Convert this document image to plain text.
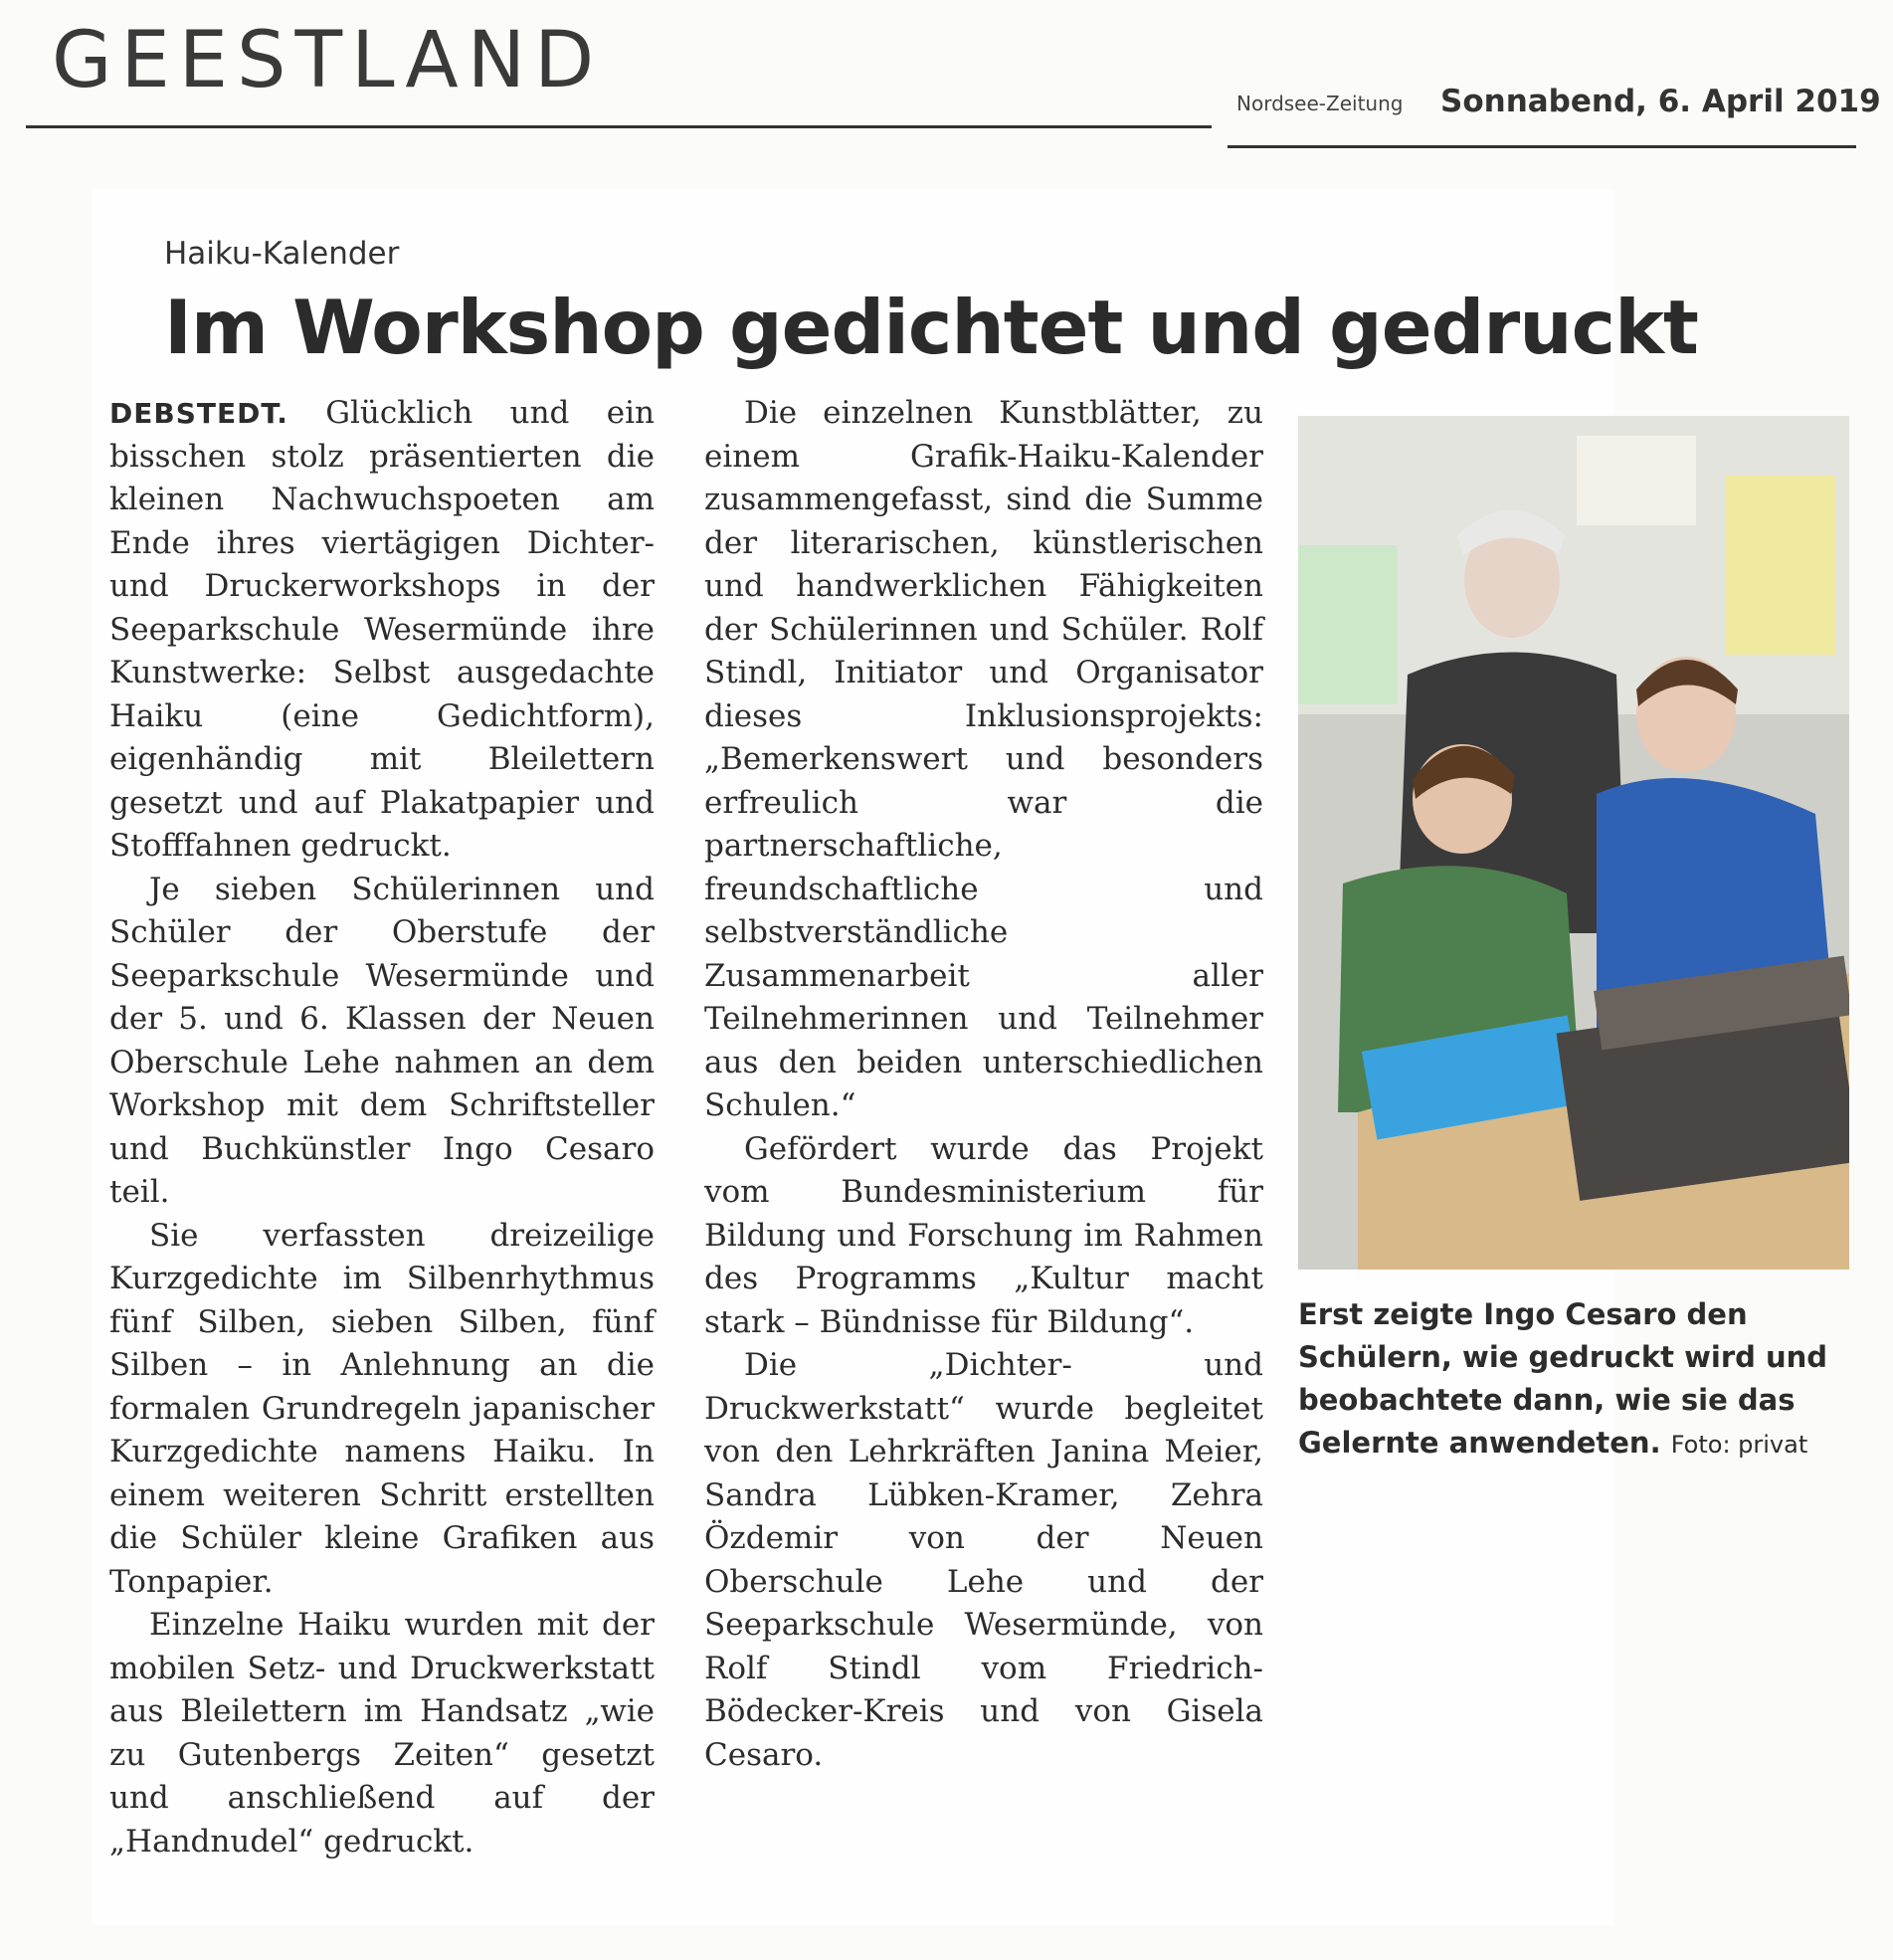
GEESTLAND	Nordsee-Zeitung Sonnabend, 6. April 2019
Haiku-Kalender
Im Workshop gedichtet und gedruckt

DEBSTEDT. Glücklich und ein bisschen stolz präsentierten die kleinen Nachwuchspoeten am Ende ihres viertägigen Dichter- und Druckerworkshops in der Seeparkschule Wesermünde ihre Kunstwerke: Selbst ausgedachte Haiku (eine Gedichtform), eigenhändig mit Bleilettern gesetzt und auf Plakatpapier und Stofffahnen gedruckt.

Je sieben Schülerinnen und Schüler der Oberstufe der Seeparkschule Wesermünde und der 5. und 6. Klassen der Neuen Oberschule Lehe nahmen an dem Workshop mit dem Schriftsteller und Buchkünstler Ingo Cesaro teil.

Sie verfassten dreizeilige Kurzgedichte im Silbenrhythmus fünf Silben, sieben Silben, fünf Silben – in Anlehnung an die formalen Grundregeln japanischer Kurzgedichte namens Haiku. In einem weiteren Schritt erstellten die Schüler kleine Grafiken aus Tonpapier.

Einzelne Haiku wurden mit der mobilen Setz- und Druckwerkstatt aus Bleilettern im Handsatz „wie zu Gutenbergs Zeiten“ gesetzt und anschließend auf der „Handnudel“ gedruckt.

Die einzelnen Kunstblätter, zu einem Grafik-Haiku-Kalender zusammengefasst, sind die Summe der literarischen, künstlerischen und handwerklichen Fähigkeiten der Schülerinnen und Schüler. Rolf Stindl, Initiator und Organisator dieses Inklusionsprojekts: „Bemerkenswert und besonders erfreulich war die partnerschaftliche, freundschaftliche und selbstverständliche Zusammenarbeit aller Teilnehmerinnen und Teilnehmer aus den beiden unterschiedlichen Schulen.“

Gefördert wurde das Projekt vom Bundesministerium für Bildung und Forschung im Rahmen des Programms „Kultur macht stark – Bündnisse für Bildung“.

Die „Dichter- und Druckwerkstatt“ wurde begleitet von den Lehrkräften Janina Meier, Sandra Lübken-Kramer, Zehra Özdemir von der Neuen Oberschule Lehe und der Seeparkschule Wesermünde, von Rolf Stindl vom Friedrich-Bödecker-Kreis und von Gisela Cesaro.

Erst zeigte Ingo Cesaro den Schülern, wie gedruckt wird und beobachtete dann, wie sie das Gelernte anwendeten. Foto: privat
